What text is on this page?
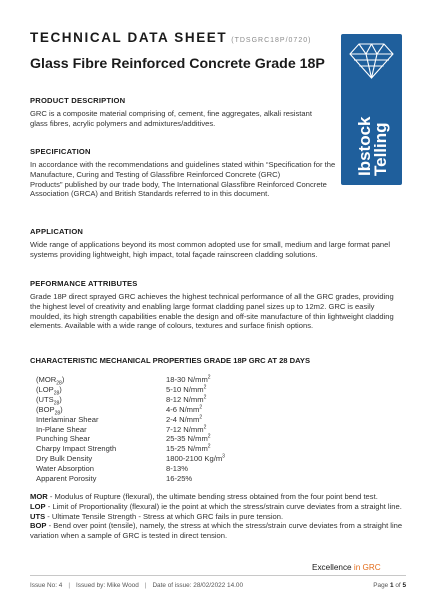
TECHNICAL DATA SHEET (TDSGRC18P/0720)
Glass Fibre Reinforced Concrete Grade 18P
Ibstock
Telling
PRODUCT DESCRIPTION
GRC is a composite material comprising of, cement, fine aggregates, alkali resistant glass fibres, acrylic polymers and admixtures/additives.
SPECIFICATION

In accordance with the recommendations and guidelines stated within “Specification for the Manufacture, Curing and Testing of Glassfibre Reinforced Concrete (GRC)

Products” published by our trade body, The International Glassfibre Reinforced Concrete Association (GRCA) and British Standards referred to in this document.

APPLICATION
Wide range of applications beyond its most common adopted use for small, medium and large format panel systems providing lightweight, high impact, total façade rainscreen cladding solutions.
PEFORMANCE ATTRIBUTES
Grade 18P direct sprayed GRC achieves the highest technical performance of all the GRC grades, providing the highest level of creativity and enabling large format cladding panel sizes up to 12m2. GRC is easily moulded, its high strength capabilities enable the design and off-site manufacture of thin lightweight cladding elements. Available with a wide range of colours, textures and surface finish options.
CHARACTERISTIC MECHANICAL PROPERTIES GRADE 18P GRC AT 28 DAYS
$(MOR_{28})$	18-30 $N/mm^2$
$(LOP_{28})$	5-10 $N/mm^2$
$(UTS_{28})$	8-12 $N/mm^2$
$(BOP_{28})$	4-6 $N/mm^2$
Interlaminar Shear	2-4 $N/mm^2$
In-Plane Shear	7-12 $N/mm^2$
Punching Shear	25-35 $N/mm^2$
Charpy Impact Strength	15-25 $N/mm^2$
Dry Bulk Density	1800-2100 $Kg/m^3$
Water Absorption	8-13%
Apparent Porosity	16-25%

MOR - Modulus of Rupture (flexural), the ultimate bending stress obtained from the four point bend test.

LOP - Limit of Proportionality (flexural) ie the point at which the stress/strain curve deviates from a straight line.

UTS - Ultimate Tensile Strength - Stress at which GRC fails in pure tension.

BOP - Bend over point (tensile), namely, the stress at which the stress/strain curve deviates from a straight line variation when a sample of GRC is tested in direct tension.

Excellence in GRC
Issue No: 4 | Issued by: Mike Wood | Date of issue: 28/02/2022 14.00	Page 1 of 5
